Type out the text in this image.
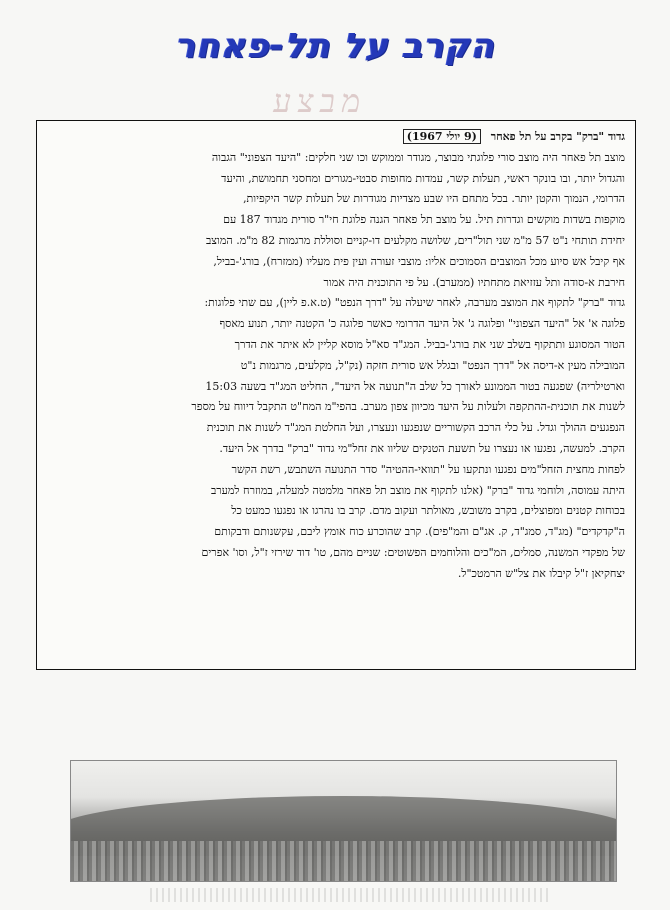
הקרב על תל-פאחר
מבצע
גדוד "ברק" בקרב על תל פאחר (9 יולי 1967)
מוצב תל פאחר היה מוצב סורי פלוגתי מבוצר, מגודר וממוקש וכו שני חלקים: "היעד הצפוני" הגבוה
והגדול יותר, ובו בונקר ראשי, תעלות קשר, עמדות מחופות סבטי-מגורים ומחסני תחמושת, והיעד
הדרומי, הנמוך והקטן יותר. בכל מתחם היו שבע מצדיות מגודרות של תעלות קשר היקפיות,
מוקפות בשדות מוקשים וגדרות תיל. על מוצב תל פאחר הגנה פלוגת חי"ר סורית מגדוד 187 עם
יחידת תותחי נ"ט 57 מ"מ שני תול"רים, שלושה מקלעים דו-קניים וסוללת מרגמות 82 מ"מ. המוצב
אף קיבל אש סיוע מכל המוצבים הסמוכים אליו: מוצבי זעורה ועין פית מעליו (ממזרח), בורג'-בביל,
חירבת א-סודה ותל עזזיאת מתחתיו (ממערב). על פי התוכנית היה אמור
גדוד "ברק" לתקוף את המוצב מערבה, לאחר שיעלה על "דרך הנפט" (ט.א.פ ליין), עם שתי פלוגות:
פלוגה א' אל "היעד הצפוני" ופלוגה ג' אל היעד הדרומי כאשר פלוגה כ' הקטנה יותר, תנוע מאסף
הטור המסוגע ותתקוף בשלב שני את בורג'-בביל. המג"ד סא"ל מוסא קליין לא איתר את הדרך
המובילה מעין א-דיסה אל "דרך הנפט" ובגלל אש סורית חזקה (נק"ל, מקלעים, מרגמות נ"ט
וארטילריה) שפגעה בטור הממונע לאורך כל שלב ה"תנועה אל היעד", החליט המג"ד בשעה 15:03
לשנות את תוכנית-ההתקפה ולעלות על היעד מכיוון צפון מערב. בהפי"מ המח"ט התקבל דיווח על מספר
הנפגעים ההולך וגדל. על כלי הרכב הקשוריים שנפגעו ונעצרו, ועל החלטת המג"ד לשנות את תוכנית
הקרב. למעשה, נפגעו או נעצרו על תשעת הטנקים שליוו את זחל"מי גדוד "ברק" בדרך אל היעד.
לפחות מחצית הזחל"מים נפגעו ונתקעו על "תוואי-ההטיה" סדר התנועה השתבש, רשת הקשר
היתה עמוסה, ולוחמי גדוד "ברק" (אלנו לתקוף את מוצב תל פאחר מלמטה למעלה, במוזרח למערב
בכוחות קטנים ומפוצלים, בקרב משובש, מאולתר ועקוב מדם. קרב בו נהרגו או נפגעו כמעט כל
ה"קדקדים" (מג"ד, סמג"ד, ק. אג"ם והמ"פים). קרב שהוכרע כוח אומץ ליבם, עקשנותם ודבקותם
של מפקדי המשנה, סמלים, המ"כים והלוחמים הפשוטים: שניים מהם, טו' דוד שירזי ז"ל, וסו' אפרים
יצחקיאן ז"ל קיבלו את צל"ש הרמטכ"ל.
